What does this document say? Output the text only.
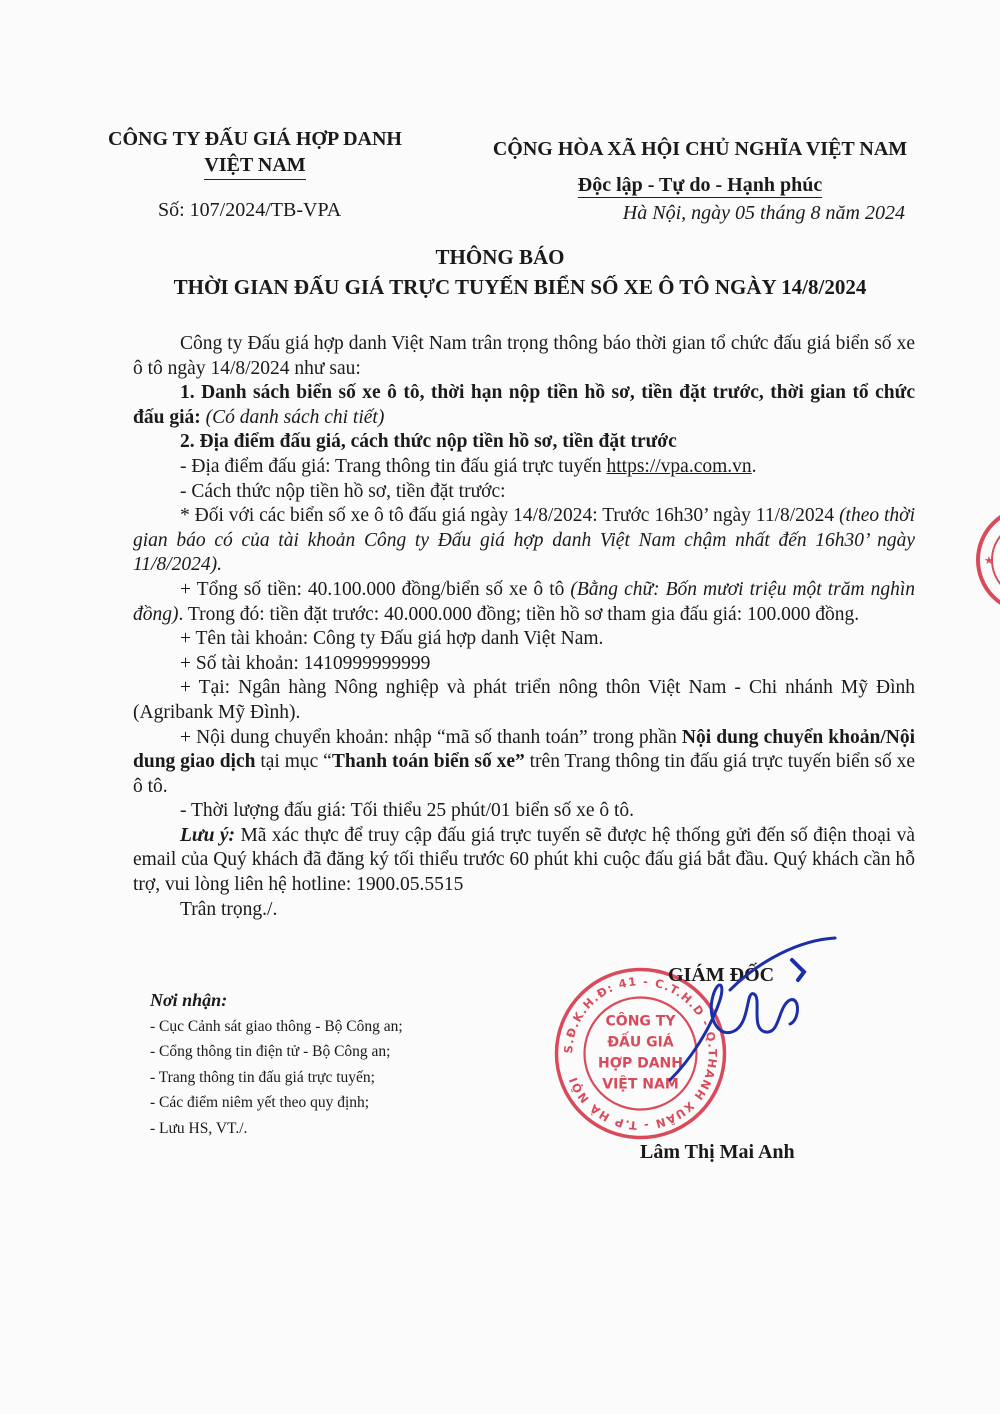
CÔNG TY ĐẤU GIÁ HỢP DANH
VIỆT NAM
CỘNG HÒA XÃ HỘI CHỦ NGHĨA VIỆT NAM
Độc lập - Tự do - Hạnh phúc
Số: 107/2024/TB-VPA	Hà Nội, ngày 05 tháng 8 năm 2024
THÔNG BÁO
THỜI GIAN ĐẤU GIÁ TRỰC TUYẾN BIỂN SỐ XE Ô TÔ NGÀY 14/8/2024

Công ty Đấu giá hợp danh Việt Nam trân trọng thông báo thời gian tổ chức đấu giá biển số xe ô tô ngày 14/8/2024 như sau:

1. Danh sách biển số xe ô tô, thời hạn nộp tiền hồ sơ, tiền đặt trước, thời gian tổ chức đấu giá: (Có danh sách chi tiết)

2. Địa điểm đấu giá, cách thức nộp tiền hồ sơ, tiền đặt trước

- Địa điểm đấu giá: Trang thông tin đấu giá trực tuyến https://vpa.com.vn.

- Cách thức nộp tiền hồ sơ, tiền đặt trước:

* Đối với các biển số xe ô tô đấu giá ngày 14/8/2024: Trước 16h30’ ngày 11/8/2024 (theo thời gian báo có của tài khoản Công ty Đấu giá hợp danh Việt Nam chậm nhất đến 16h30’ ngày 11/8/2024).

+ Tổng số tiền: 40.100.000 đồng/biển số xe ô tô (Bằng chữ: Bốn mươi triệu một trăm nghìn đồng). Trong đó: tiền đặt trước: 40.000.000 đồng; tiền hồ sơ tham gia đấu giá: 100.000 đồng.

+ Tên tài khoản: Công ty Đấu giá hợp danh Việt Nam.

+ Số tài khoản: 1410999999999

+ Tại: Ngân hàng Nông nghiệp và phát triển nông thôn Việt Nam - Chi nhánh Mỹ Đình (Agribank Mỹ Đình).

+ Nội dung chuyển khoản: nhập “mã số thanh toán” trong phần Nội dung chuyển khoản/Nội dung giao dịch tại mục “Thanh toán biển số xe” trên Trang thông tin đấu giá trực tuyến biển số xe ô tô.

- Thời lượng đấu giá: Tối thiểu 25 phút/01 biển số xe ô tô.

Lưu ý: Mã xác thực để truy cập đấu giá trực tuyến sẽ được hệ thống gửi đến số điện thoại và email của Quý khách đã đăng ký tối thiểu trước 60 phút khi cuộc đấu giá bắt đầu. Quý khách cần hỗ trợ, vui lòng liên hệ hotline: 1900.05.5515

Trân trọng./.

Nơi nhận:
- Cục Cảnh sát giao thông - Bộ Công an;
- Cổng thông tin điện tử - Bộ Công an;
- Trang thông tin đấu giá trực tuyến;
- Các điểm niêm yết theo quy định;
- Lưu HS, VT./.
S.Đ.K.H.Đ: 41 - C.T.H.D - Q.THANH XUÂN - T.P HÀ NỘI
CÔNG TY
ĐẤU GIÁ
HỢP DANH
VIỆT NAM
★
GIÁM ĐỐC
Lâm Thị Mai Anh
